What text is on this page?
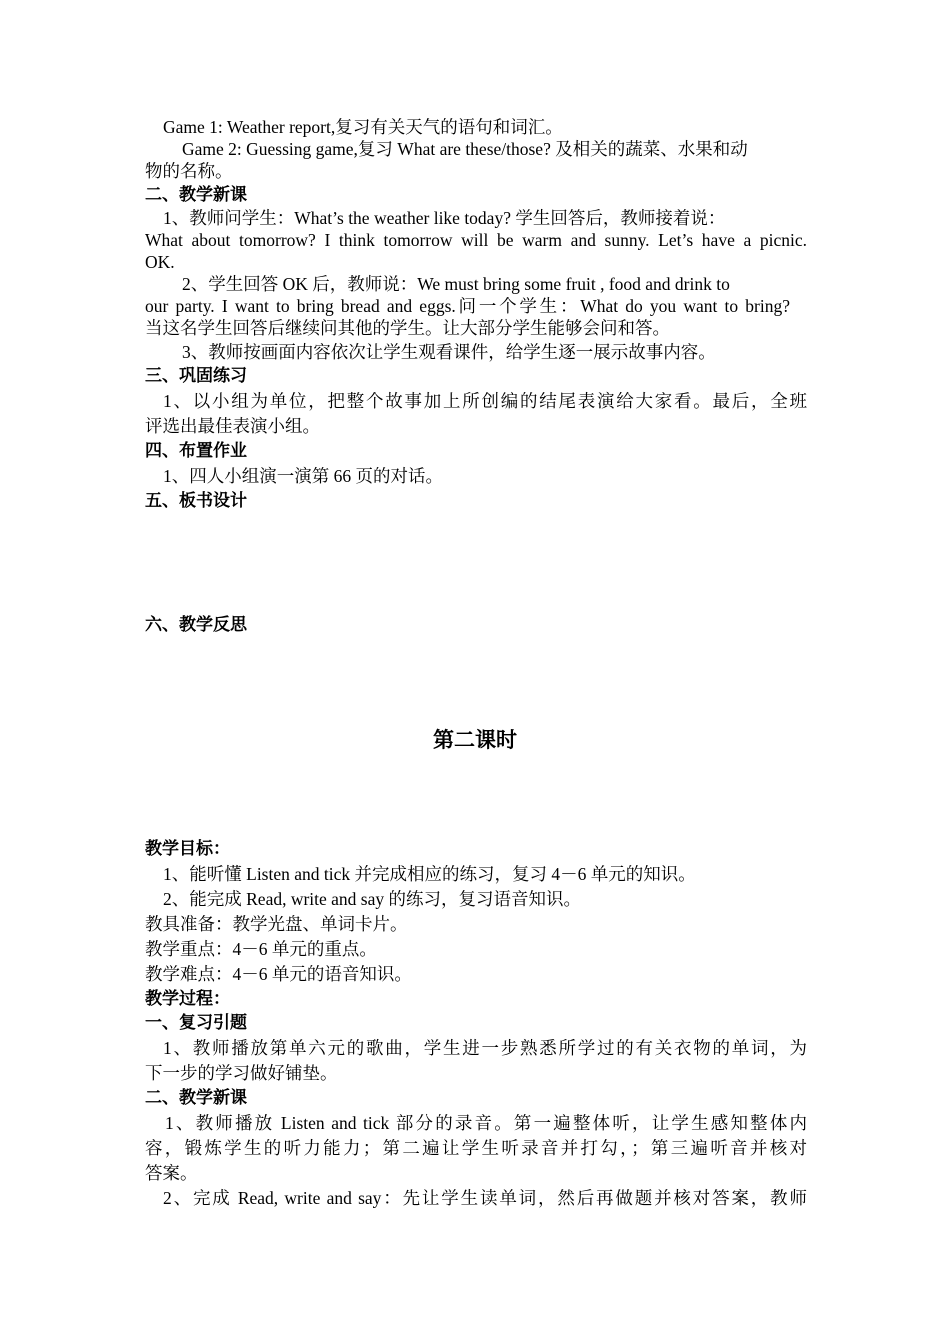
Game 1: Weather report,复习有关天气的语句和词汇。
Game 2: Guessing game,复习 What are these/those? 及相关的蔬菜、水果和动
物的名称。
二、教学新课
1、教师问学生：What’s the weather like today? 学生回答后，教师接着说：
What about tomorrow? I think tomorrow will be warm and sunny. Let’s have a picnic.
OK.
2、学生回答 OK 后，教师说：We must bring some fruit , food and drink to
our party. I want to bring bread and eggs.问一个学生：What do you want to bring?
当这名学生回答后继续问其他的学生。让大部分学生能够会问和答。
3、教师按画面内容依次让学生观看课件，给学生逐一展示故事内容。
三、巩固练习
1、以小组为单位，把整个故事加上所创编的结尾表演给大家看。最后，全班
评选出最佳表演小组。
四、布置作业
1、四人小组演一演第 66 页的对话。
五、板书设计
六、教学反思
第二课时
教学目标：
1、能听懂 Listen and tick 并完成相应的练习，复习 4－6 单元的知识。
2、能完成 Read, write and say 的练习，复习语音知识。
教具准备：教学光盘、单词卡片。
教学重点：4－6 单元的重点。
教学难点：4－6 单元的语音知识。
教学过程：
一、复习引题
1、教师播放第单六元的歌曲，学生进一步熟悉所学过的有关衣物的单词，为
下一步的学习做好铺垫。
二、教学新课
1、教师播放 Listen and tick 部分的录音。第一遍整体听，让学生感知整体内
容，锻炼学生的听力能力；第二遍让学生听录音并打勾，；第三遍听音并核对
答案。
2、完成 Read, write and say：先让学生读单词，然后再做题并核对答案，教师
